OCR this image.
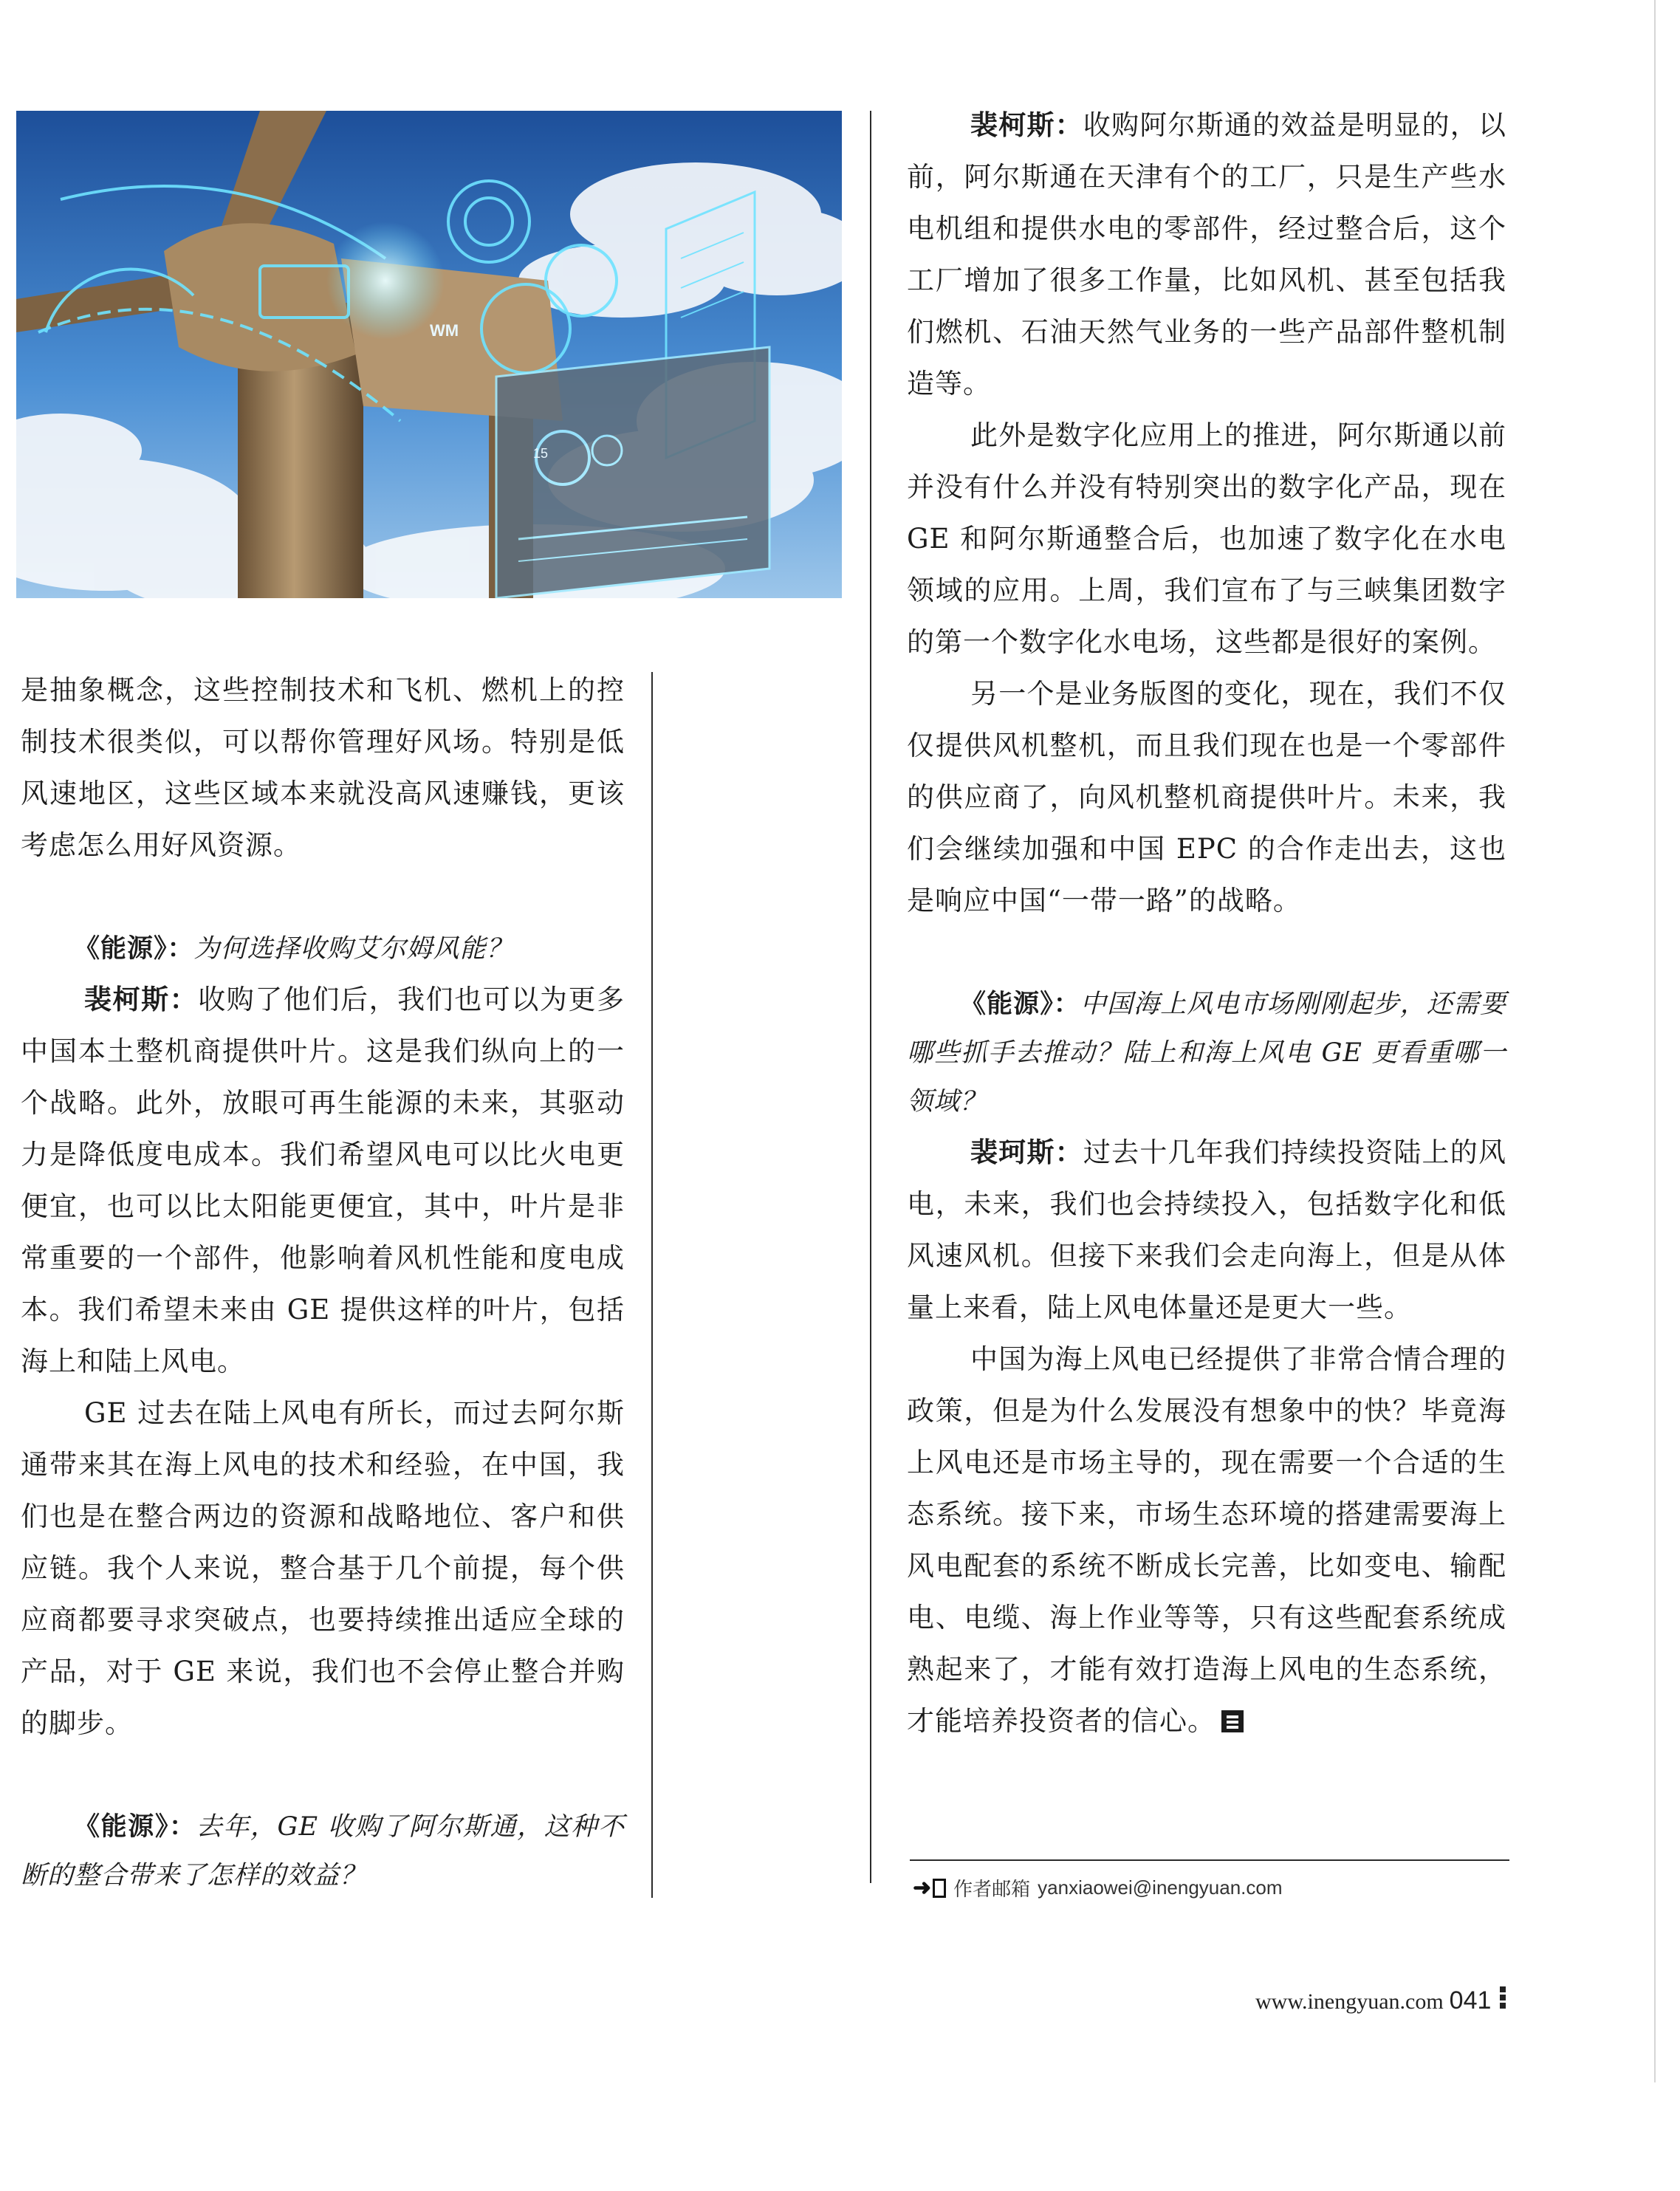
WM
15

是抽象概念，这些控制技术和飞机、燃机上的控制技术很类似，可以帮你管理好风场。特别是低风速地区，这些区域本来就没高风速赚钱，更该考虑怎么用好风资源。

《能源》：为何选择收购艾尔姆风能？

裴柯斯：收购了他们后，我们也可以为更多中国本土整机商提供叶片。这是我们纵向上的一个战略。此外，放眼可再生能源的未来，其驱动力是降低度电成本。我们希望风电可以比火电更便宜，也可以比太阳能更便宜，其中，叶片是非常重要的一个部件，他影响着风机性能和度电成本。我们希望未来由 GE 提供这样的叶片，包括海上和陆上风电。

GE 过去在陆上风电有所长，而过去阿尔斯通带来其在海上风电的技术和经验，在中国，我们也是在整合两边的资源和战略地位、客户和供应链。我个人来说，整合基于几个前提，每个供应商都要寻求突破点，也要持续推出适应全球的产品，对于 GE 来说，我们也不会停止整合并购的脚步。

《能源》：去年，GE 收购了阿尔斯通，这种不断的整合带来了怎样的效益？

裴柯斯：收购阿尔斯通的效益是明显的，以前，阿尔斯通在天津有个的工厂，只是生产些水电机组和提供水电的零部件，经过整合后，这个工厂增加了很多工作量，比如风机、甚至包括我们燃机、石油天然气业务的一些产品部件整机制造等。

此外是数字化应用上的推进，阿尔斯通以前并没有什么并没有特别突出的数字化产品，现在 GE 和阿尔斯通整合后，也加速了数字化在水电领域的应用。上周，我们宣布了与三峡集团数字的第一个数字化水电场，这些都是很好的案例。

另一个是业务版图的变化，现在，我们不仅仅提供风机整机，而且我们现在也是一个零部件的供应商了，向风机整机商提供叶片。未来，我们会继续加强和中国 EPC 的合作走出去，这也是响应中国“一带一路”的战略。

《能源》：中国海上风电市场刚刚起步，还需要哪些抓手去推动？陆上和海上风电 GE 更看重哪一领域？

裴珂斯：过去十几年我们持续投资陆上的风电，未来，我们也会持续投入，包括数字化和低风速风机。但接下来我们会走向海上，但是从体量上来看，陆上风电体量还是更大一些。

中国为海上风电已经提供了非常合情合理的政策，但是为什么发展没有想象中的快？毕竟海上风电还是市场主导的，现在需要一个合适的生态系统。接下来，市场生态环境的搭建需要海上风电配套的系统不断成长完善，比如变电、输配电、电缆、海上作业等等，只有这些配套系统成熟起来了，才能有效打造海上风电的生态系统，才能培养投资者的信心。

➜	作者邮箱 yanxiaowei@inengyuan.com
www.inengyuan.com 041
